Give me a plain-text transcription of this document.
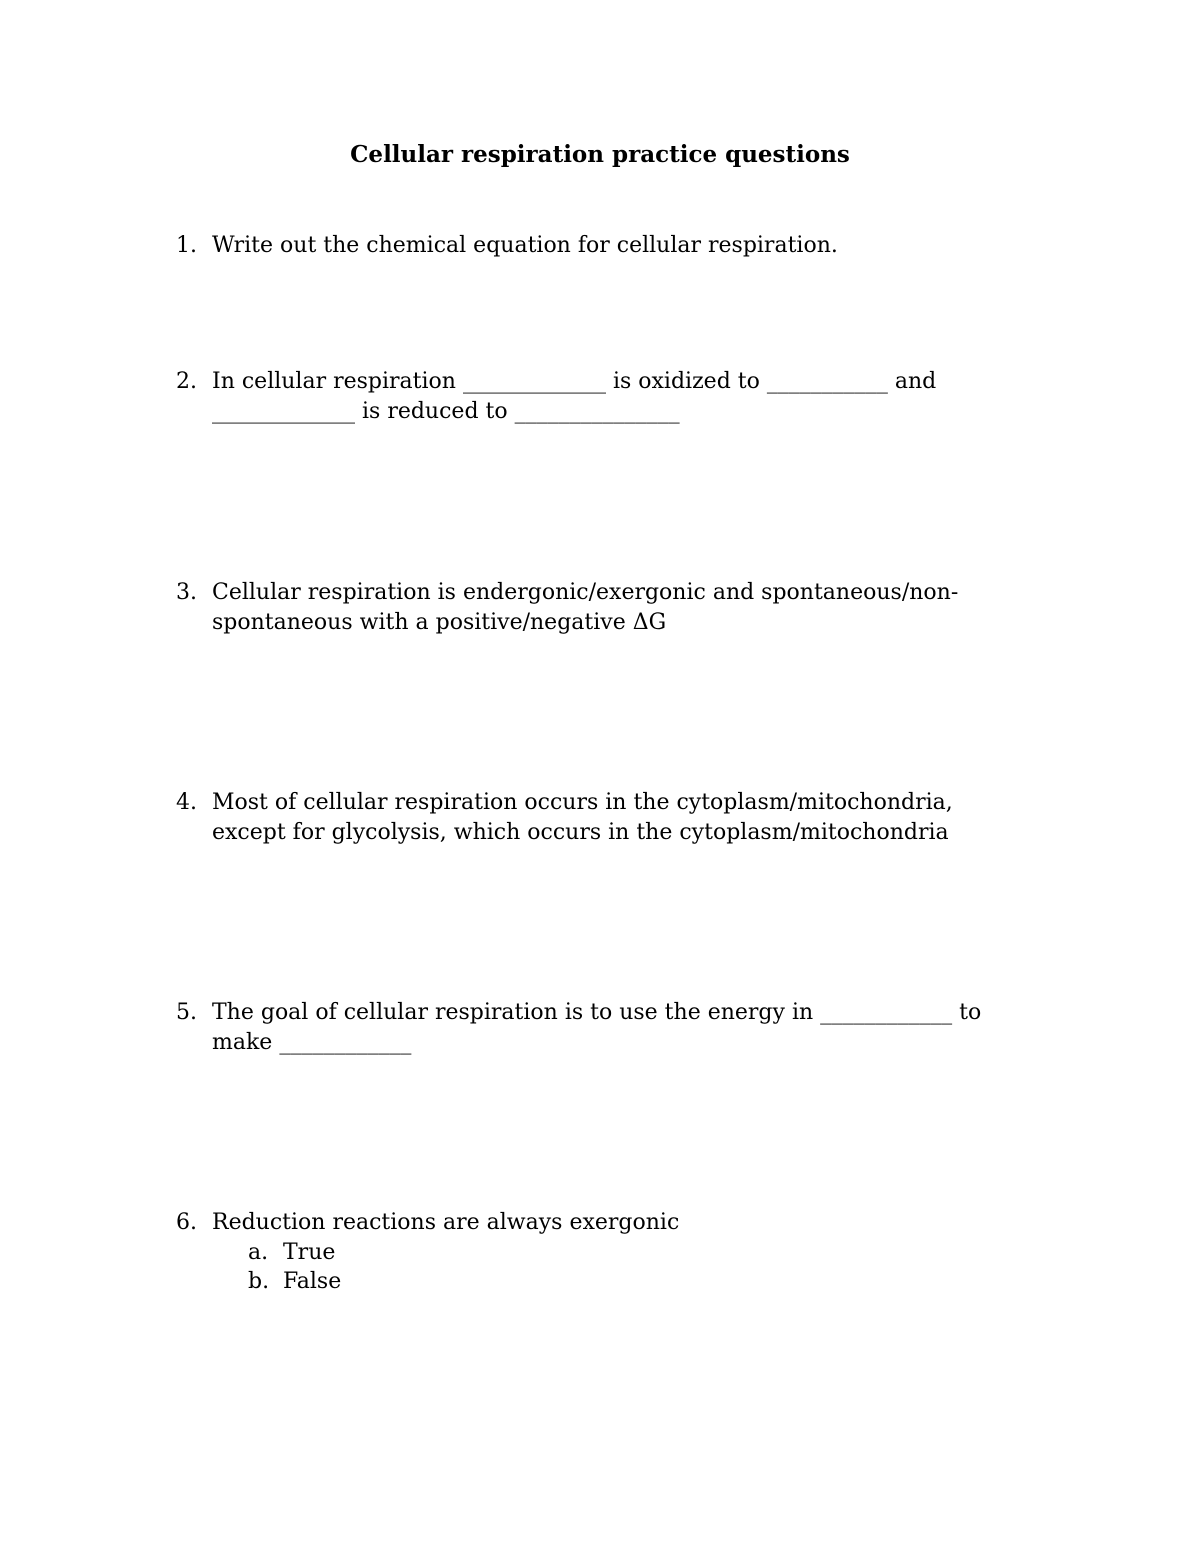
Cellular respiration practice questions
1. Write out the chemical equation for cellular respiration.
2. In cellular respiration _____________ is oxidized to ___________ and
_____________ is reduced to _______________
3. Cellular respiration is endergonic/exergonic and spontaneous/non-
spontaneous with a positive/negative ΔG
4. Most of cellular respiration occurs in the cytoplasm/mitochondria,
except for glycolysis, which occurs in the cytoplasm/mitochondria
5. The goal of cellular respiration is to use the energy in ____________ to
make ____________
6. Reduction reactions are always exergonic
a. True
b. False
